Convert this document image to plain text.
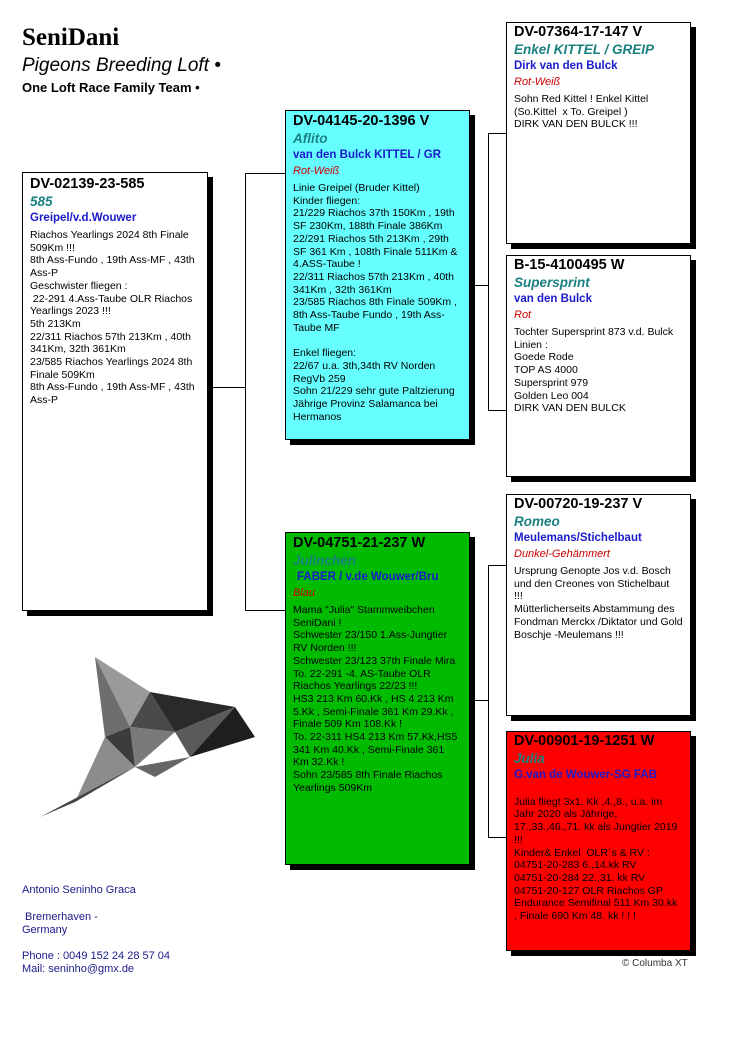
SeniDani
Pigeons Breeding Loft •
One Loft Race Family Team •
DV-02139-23-585
585
Greipel/v.d.Wouwer
Riachos Yearlings 2024 8th Finale 509Km !!!
8th Ass-Fundo , 19th Ass-MF , 43th Ass-P
Geschwister fliegen :
22-291 4.Ass-Taube OLR Riachos Yearlings 2023 !!!
5th 213Km
22/311 Riachos 57th 213Km , 40th 341Km, 32th 361Km
23/585 Riachos Yearlings 2024 8th Finale 509Km
8th Ass-Fundo , 19th Ass-MF , 43th Ass-P
DV-04145-20-1396 V
Aflito
van den Bulck KITTEL / GR
Rot-Weiß
Linie Greipel (Bruder Kittel)
Kinder fliegen:
21/229 Riachos 37th 150Km , 19th SF 230Km, 188th Finale 386Km
22/291 Riachos 5th 213Km , 29th SF 361 Km , 108th Finale 511Km & 4.ASS-Taube !
22/311 Riachos 57th 213Km , 40th 341Km , 32th 361Km
23/585 Riachos 8th Finale 509Km , 8th Ass-Taube Fundo , 19th Ass-Taube MF

Enkel fliegen:
22/67 u.a. 3th,34th RV Norden RegVb 259
Sohn 21/229 sehr gute Paltzierung Jährige Provinz Salamanca bei Hermanos
DV-04751-21-237 W
Julinchen
FABER / v.de Wouwer/Bru
Blau
Mama "Julia" Stammweibchen SeniDani !
Schwester 23/150 1.Ass-Jungtier RV Norden !!!
Schwester 23/123 37th Finale Mira
To. 22-291 -4. AS-Taube OLR Riachos Yearlings 22/23 !!!
HS3 213 Km 60.Kk , HS 4 213 Km 5.Kk , Semi-Finale 361 Km 29.Kk , Finale 509 Km 108.Kk !
To. 22-311 HS4 213 Km 57.Kk,HS5 341 Km 40.Kk , Semi-Finale 361 Km 32.Kk !
Sohn 23/585 8th Finale Riachos Yearlings 509Km
DV-07364-17-147 V
Enkel KITTEL / GREIP
Dirk van den Bulck
Rot-Weiß
Sohn Red Kittel ! Enkel Kittel (So.Kittel  x To. Greipel )
DIRK VAN DEN BULCK !!!
B-15-4100495 W
Supersprint
van den Bulck
Rot
Tochter Supersprint 873 v.d. Bulck
Linien :
Goede Rode
TOP AS 4000
Supersprint 979
Golden Leo 004
DIRK VAN DEN BULCK
DV-00720-19-237 V
Romeo
Meulemans/Stichelbaut
Dunkel-Gehämmert
Ursprung Genopte Jos v.d. Bosch und den Creones von Stichelbaut  !!!
Mütterlicherseits Abstammung des Fondman Merckx /Diktator und Gold Boschje -Meulemans !!!
DV-00901-19-1251 W
Julia
G.van de Wouwer-SG FAB

Julia fliegt 3x1. Kk ,4.,8., u.a. im Jahr 2020 als Jährige, 17.,33.,46.,71. kk als Jungtier 2019 !!!
Kinder& Enkel  OLR´s & RV :
04751-20-283 6.,14.kk RV
04751-20-284 22.,31. kk RV
04751-20-127 OLR Riachos GP Endurance Semifinal 511 Km 30.kk , Finale 690 Km 48. kk ! ! !
Antonio Seninho Graca
Bremerhaven -
Germany
Phone : 0049 152 24 28 57 04
Mail: seninho@gmx.de	© Columba XT
